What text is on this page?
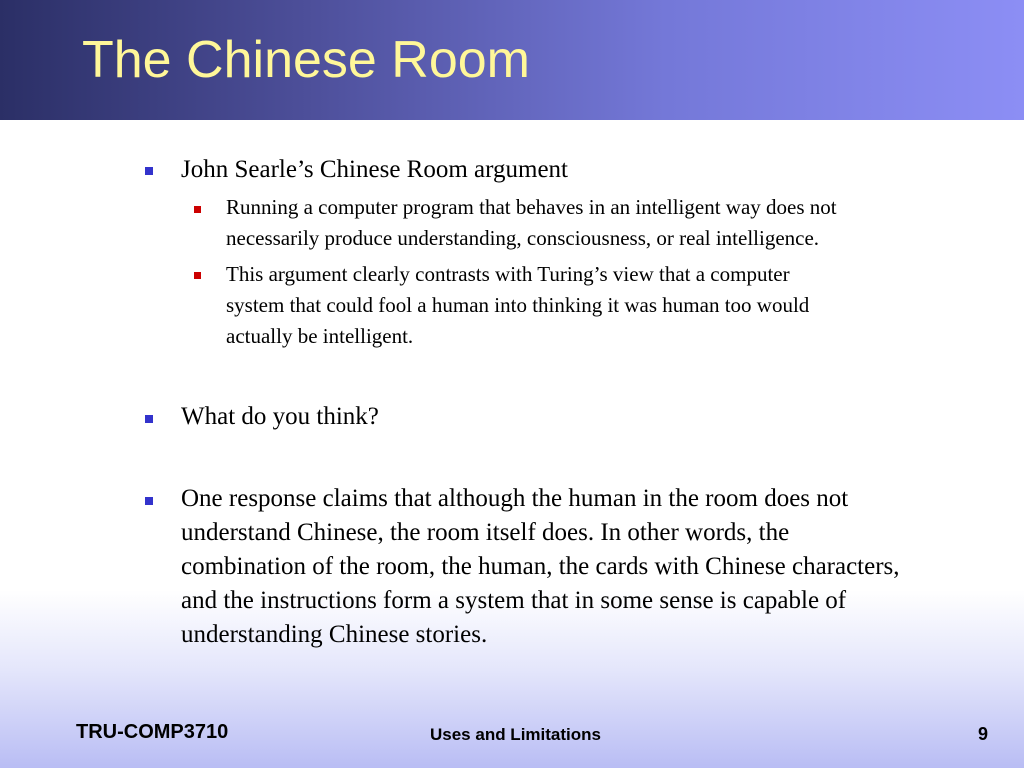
The Chinese Room
John Searle’s Chinese Room argument
Running a computer program that behaves in an intelligent way does not
necessarily produce understanding, consciousness, or real intelligence.
This argument clearly contrasts with Turing’s view that a computer
system that could fool a human into thinking it was human too would
actually be intelligent.
What do you think?
One response claims that although the human in the room does not
understand Chinese, the room itself does. In other words, the
combination of the room, the human, the cards with Chinese characters,
and the instructions form a system that in some sense is capable of
understanding Chinese stories.
TRU-COMP3710	Uses and Limitations	9
